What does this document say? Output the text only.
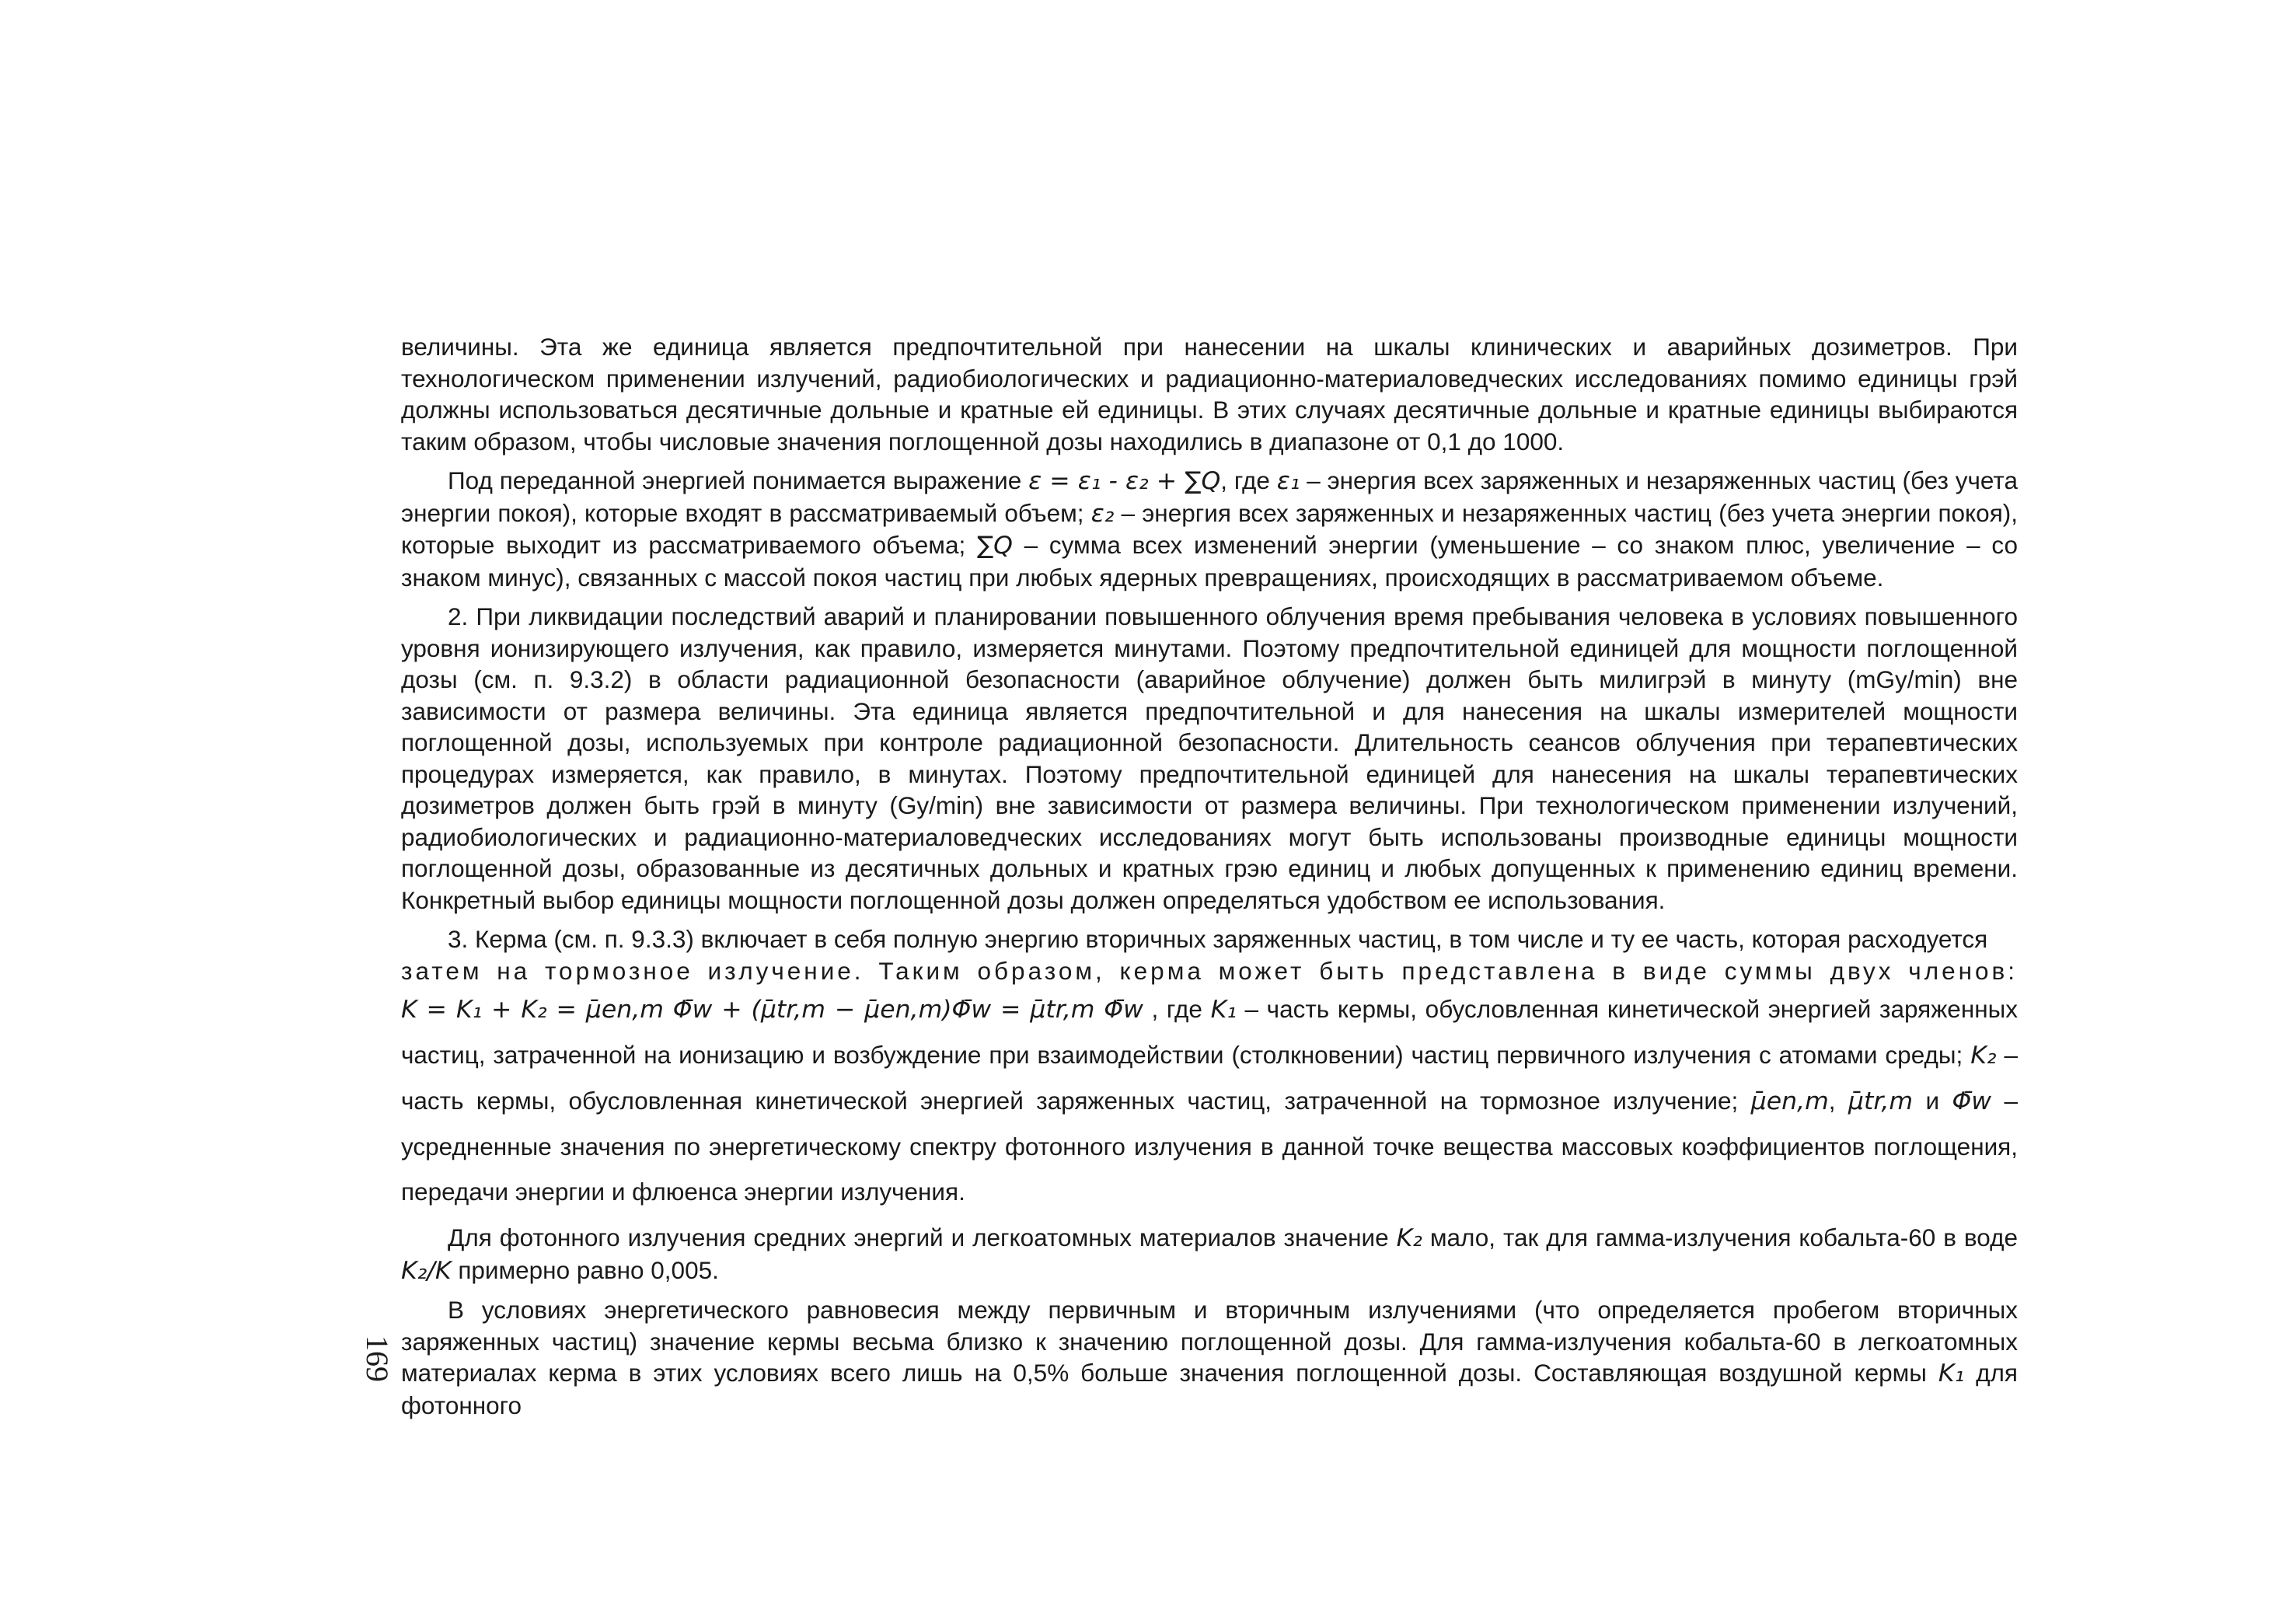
величины. Эта же единица является предпочтительной при нанесении на шкалы клинических и аварийных дозиметров. При технологическом применении излучений, радиобиологических и радиационно-материаловедческих исследованиях помимо единицы грэй должны использоваться десятичные дольные и кратные ей единицы. В этих случаях десятичные дольные и кратные единицы выбираются таким образом, чтобы числовые значения поглощенной дозы находились в диапазоне от 0,1 до 1000.

Под переданной энергией понимается выражение ε = ε₁ - ε₂ + ∑Q, где ε₁ – энергия всех заряженных и незаряженных частиц (без учета энергии покоя), которые входят в рассматриваемый объем; ε₂ – энергия всех заряженных и незаряженных частиц (без учета энергии покоя), которые выходит из рассматриваемого объема; ∑Q – сумма всех изменений энергии (уменьшение – со знаком плюс, увеличение – со знаком минус), связанных с массой покоя частиц при любых ядерных превращениях, происходящих в рассматриваемом объеме.

2. При ликвидации последствий аварий и планировании повышенного облучения время пребывания человека в условиях повышенного уровня ионизирующего излучения, как правило, измеряется минутами. Поэтому предпочтительной единицей для мощности поглощенной дозы (см. п. 9.3.2) в области радиационной безопасности (аварийное облучение) должен быть милигрэй в минуту (mGy/min) вне зависимости от размера величины. Эта единица является предпочтительной и для нанесения на шкалы измерителей мощности поглощенной дозы, используемых при контроле радиационной безопасности. Длительность сеансов облучения при терапевтических процедурах измеряется, как правило, в минутах. Поэтому предпочтительной единицей для нанесения на шкалы терапевтических дозиметров должен быть грэй в минуту (Gy/min) вне зависимости от размера величины. При технологическом применении излучений, радиобиологических и радиационно-материаловедческих исследованиях могут быть использованы производные единицы мощности поглощенной дозы, образованные из десятичных дольных и кратных грэю единиц и любых допущенных к применению единиц времени. Конкретный выбор единицы мощности поглощенной дозы должен определяться удобством ее использования.

3. Керма (см. п. 9.3.3) включает в себя полную энергию вторичных заряженных частиц, в том числе и ту ее часть, которая расходуется

затем на тормозное излучение. Таким образом, керма может быть представлена в виде суммы двух членов:

K = K₁ + K₂ = μ̄en,m Φ̄w + (μ̄tr,m − μ̄en,m)Φ̄w = μ̄tr,m Φ̄w , где K₁ – часть кермы, обусловленная кинетической энергией заряженных частиц, затраченной на ионизацию и возбуждение при взаимодействии (столкновении) частиц первичного излучения с атомами среды; K₂ – часть кермы, обусловленная кинетической энергией заряженных частиц, затраченной на тормозное излучение; μ̄en,m, μ̄tr,m и Φ̄w – усредненные значения по энергетическому спектру фотонного излучения в данной точке вещества массовых коэффициентов поглощения, передачи энергии и флюенса энергии излучения.

Для фотонного излучения средних энергий и легкоатомных материалов значение K₂ мало, так для гамма-излучения кобальта-60 в воде K₂/K примерно равно 0,005.

В условиях энергетического равновесия между первичным и вторичным излучениями (что определяется пробегом вторичных заряженных частиц) значение кермы весьма близко к значению поглощенной дозы. Для гамма-излучения кобальта-60 в легкоатомных материалах керма в этих условиях всего лишь на 0,5% больше значения поглощенной дозы. Составляющая воздушной кермы K₁ для фотонного

169
